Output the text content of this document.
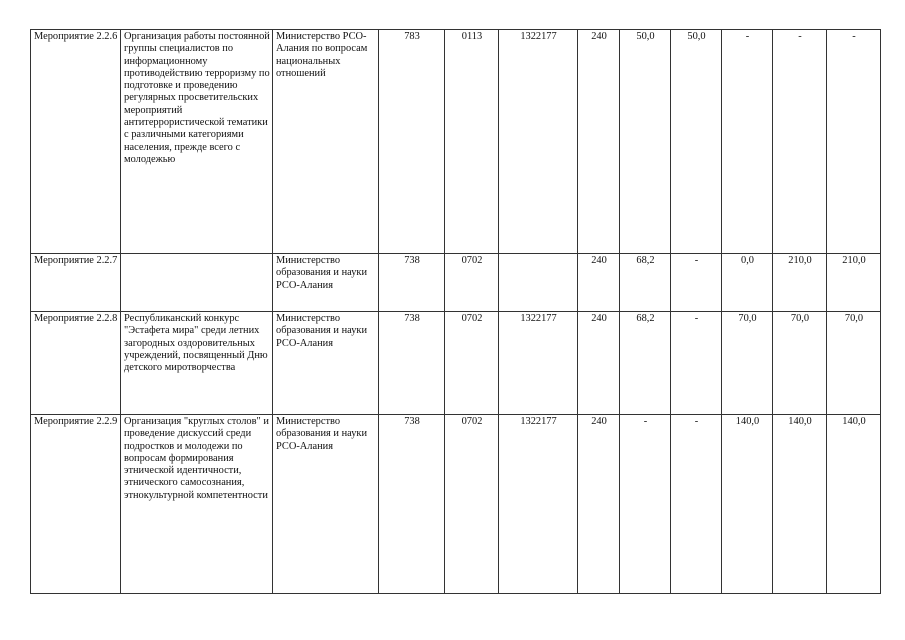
Мероприятие 2.2.6	Организация работы постоянной группы специалистов по информационному противодействию терроризму по подготовке и проведению регулярных просветительских мероприятий антитеррористической тематики с различными категориями населения, прежде всего с молодежью	Министерство РСО-Алания по вопросам национальных отношений	783	0113	1322177	240	50,0	50,0	-	-	-
Мероприятие 2.2.7		Министерство образования и науки РСО-Алания	738	0702		240	68,2	-	0,0	210,0	210,0
Мероприятие 2.2.8	Республиканский конкурс "Эстафета мира" среди летних загородных оздоровительных учреждений, посвященный Дню детского миротворчества	Министерство образования и науки РСО-Алания	738	0702	1322177	240	68,2	-	70,0	70,0	70,0
Мероприятие 2.2.9	Организация "круглых столов" и проведение дискуссий среди подростков и молодежи по вопросам формирования этнической идентичности, этнического самосознания, этнокультурной компетентности	Министерство образования и науки РСО-Алания	738	0702	1322177	240	-	-	140,0	140,0	140,0
